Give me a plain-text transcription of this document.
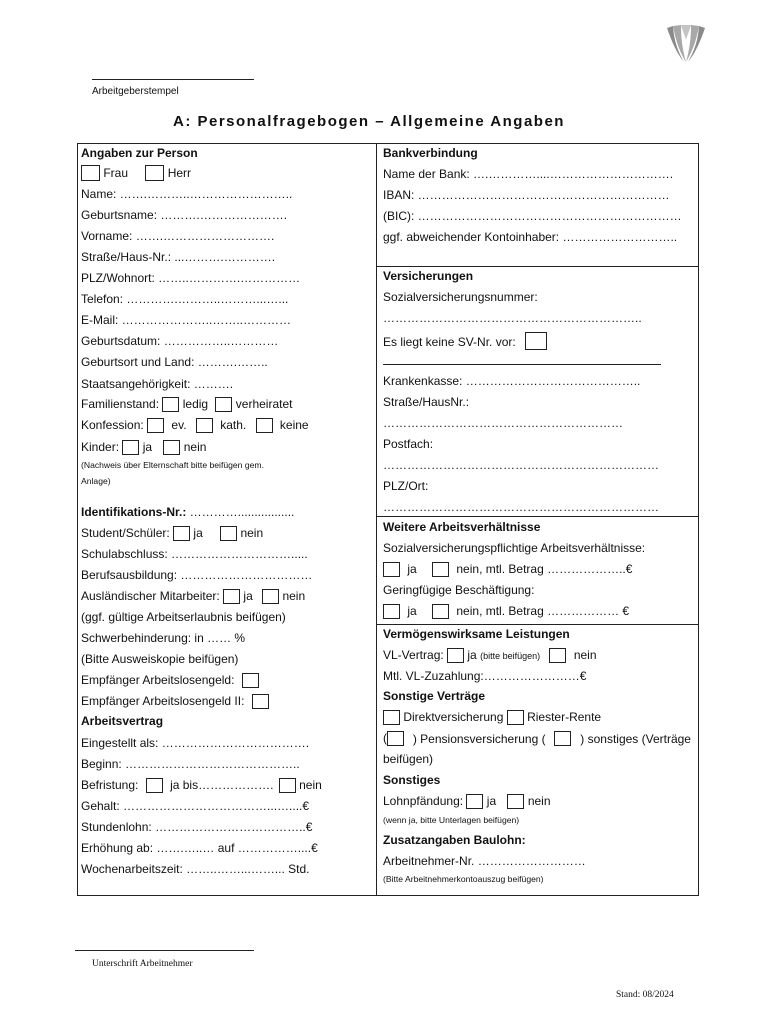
Arbeitgeberstempel
A: Personalfragebogen – Allgemeine Angaben
Angaben zur Person
Frau	Herr
Name: …….………..……………………..
Geburtsname: ……….………………….
Vorname: …….……………………….
Straße/Haus-Nr.: ...……….………….
PLZ/Wohnort: ……..………….……………
Telefon: ………….………..………...…...
E-Mail: …………………..……..…………
Geburtsdatum: ……………..…………
Geburtsort und Land: ……….……..
Staatsangehörigkeit: ……….
Familienstand: ledig verheiratet
Konfession: ev.	kath.	keine
Kinder: ja	nein
(Nachweis über Elternschaft bitte beifügen gem.
Anlage)
Identifikations-Nr.: ………….................
Student/Schüler: ja	nein
Schulabschluss: ………………………….....
Berufsausbildung: ……………………………
Ausländischer Mitarbeiter: ja nein
(ggf. gültige Arbeitserlaubnis beifügen)
Schwerbehinderung: in …… %
(Bitte Ausweiskopie beifügen)
Empfänger Arbeitslosengeld:
Empfänger Arbeitslosengeld II:
Arbeitsvertrag
Eingestellt als: ……………………………….
Beginn: ……………………………………..
Befristung:	ja bis………………. nein
Gehalt: ………………………………...…....€
Stundenlohn: ………………………………..€
Erhöhung ab: …….…..… auf ……………....€
Wochenarbeitszeit: ……..……...……... Std.
Bankverbindung
Name der Bank: ….…………....………………………….
IBAN: ………………………………………………………
(BIC): …………………………………………………………
ggf. abweichender Kontoinhaber: ………………………..
Versicherungen
Sozialversicherungsnummer:
………………………………………………………..
Es liegt keine SV-Nr. vor:
Krankenkasse: ……………………………………..
Straße/HausNr.:
……………………………………………………
Postfach:
……………………………………………………………
PLZ/Ort:
……………………………………………………………
Weitere Arbeitsverhältnisse
Sozialversicherungspflichtige Arbeitsverhältnisse:
ja	nein, mtl. Betrag ………………..€
Geringfügige Beschäftigung:
ja	nein, mtl. Betrag ……………… €
Vermögenswirksame Leistungen
VL-Vertrag: ja (bitte beifügen)	nein
Mtl. VL-Zuzahlung:……………………€
Sonstige Verträge
Direktversicherung Riester-Rente
(	) Pensionsversicherung (	) sonstiges (Verträge
beifügen)
Sonstiges
Lohnpfändung: ja	nein
(wenn ja, bitte Unterlagen beifügen)
Zusatzangaben Baulohn:
Arbeitnehmer-Nr. ………………………
(Bitte Arbeitnehmerkontoauszug beifügen)
Unterschrift Arbeitnehmer
Stand: 08/2024
